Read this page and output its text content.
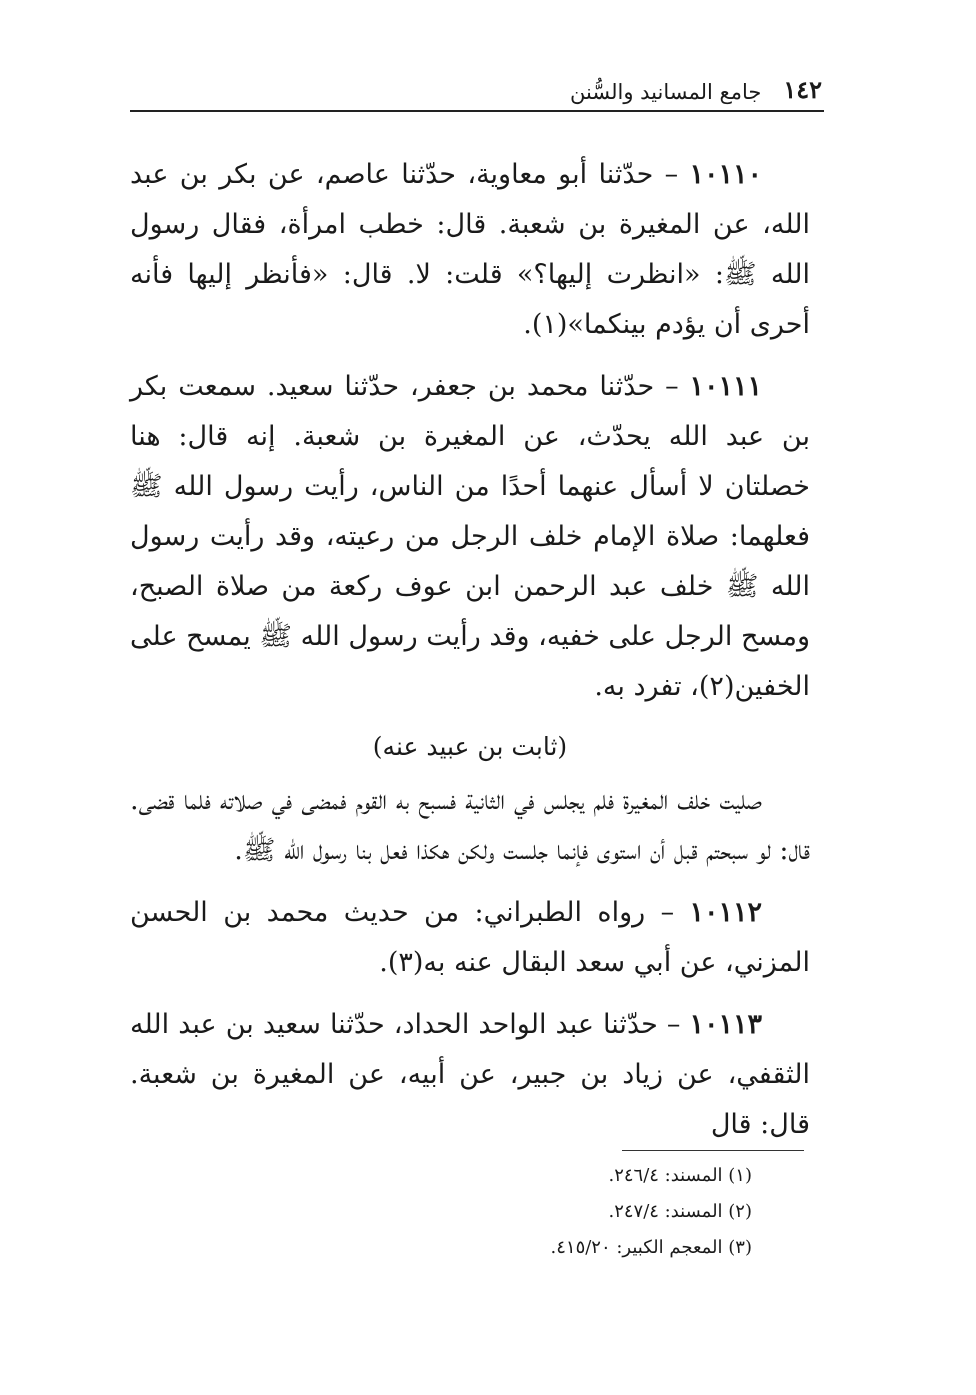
١٤٢
جامع المسانيد والسُّنن

١٠١١٠ – حدّثنا أبو معاوية، حدّثنا عاصم، عن بكر بن عبد الله، عن المغيرة بن شعبة. قال: خطب امرأة، فقال رسول الله ﷺ: «انظرت إليها؟» قلت: لا. قال: «فأنظر إليها فأنه أحرى أن يؤدم بينكما»(١).

١٠١١١ – حدّثنا محمد بن جعفر، حدّثنا سعيد. سمعت بكر بن عبد الله يحدّث، عن المغيرة بن شعبة. إنه قال: هنا خصلتان لا أسأل عنهما أحدًا من الناس، رأيت رسول الله ﷺ فعلهما: صلاة الإمام خلف الرجل من رعيته، وقد رأيت رسول الله ﷺ خلف عبد الرحمن ابن عوف ركعة من صلاة الصبح، ومسح الرجل على خفيه، وقد رأيت رسول الله ﷺ يمسح على الخفين(٢)، تفرد به.

(ثابت بن عبيد عنه)

صليت خلف المغيرة فلم يجلس في الثانية فسبح به القوم فمضى في صلاته فلما قضى. قال: لو سبحتم قبل أن استوى فإنما جلست ولكن هكذا فعل بنا رسول الله ﷺ.

١٠١١٢ – رواه الطبراني: من حديث محمد بن الحسن المزني، عن أبي سعد البقال عنه به(٣).

١٠١١٣ – حدّثنا عبد الواحد الحداد، حدّثنا سعيد بن عبد الله الثقفي، عن زياد بن جبير، عن أبيه، عن المغيرة بن شعبة. قال: قال

(١) المسند: ٢٤٦/٤.
(٢) المسند: ٢٤٧/٤.
(٣) المعجم الكبير: ٤١٥/٢٠.
